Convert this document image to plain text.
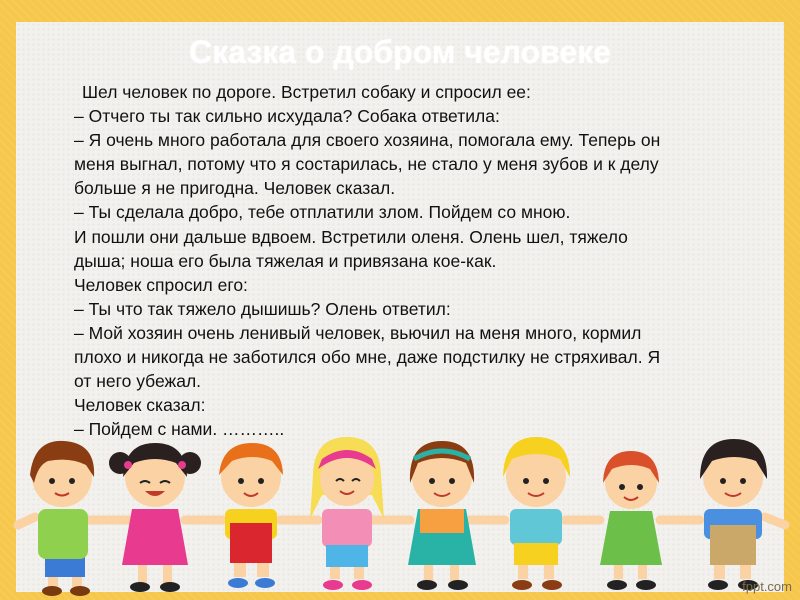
Сказка о добром человеке

Шел человек по дороге. Встретил собаку и спросил ее:

– Отчего ты так сильно исхудала? Собака ответила:

– Я очень много работала для своего хозяина, помогала ему. Теперь он

меня выгнал, потому что я состарилась, не стало у меня зубов и к делу

больше я не пригодна. Человек сказал.

– Ты сделала добро, тебе отплатили злом. Пойдем со мною.

И пошли они дальше вдвоем. Встретили оленя. Олень шел, тяжело

дыша; ноша его была тяжелая и привязана кое-как.

Человек спросил его:

– Ты что так тяжело дышишь? Олень ответил:

– Мой хозяин очень ленивый человек, вьючил на меня много, кормил

плохо и никогда не заботился обо мне, даже подстилку не стряхивал. Я

от него убежал.

Человек сказал:

– Пойдем с нами. ………..

fppt.com
